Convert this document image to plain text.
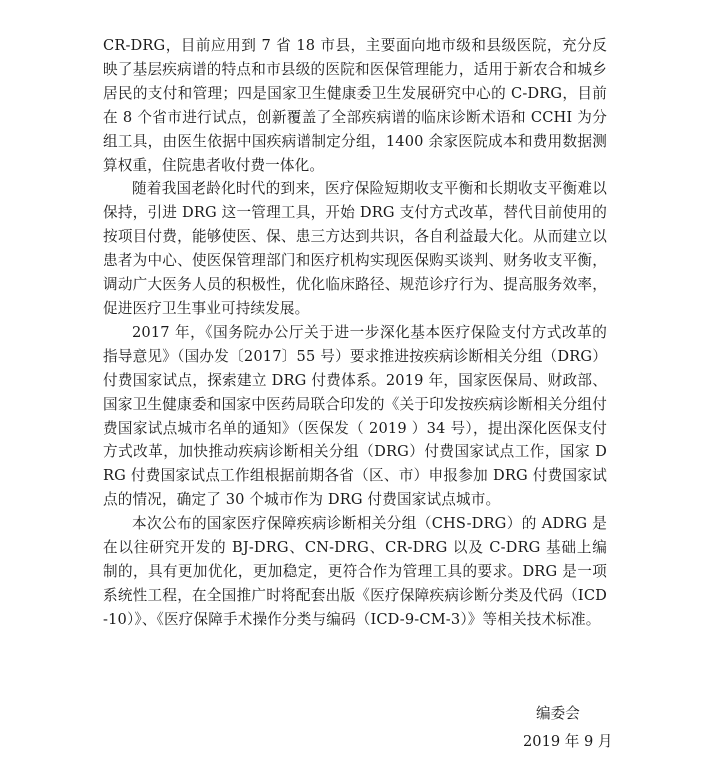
CR-DRG，目前应用到 7 省 18 市县，主要面向地市级和县级医院，充分反映了基层疾病谱的特点和市县级的医院和医保管理能力，适用于新农合和城乡居民的支付和管理；四是国家卫生健康委卫生发展研究中心的 C-DRG，目前在 8 个省市进行试点，创新覆盖了全部疾病谱的临床诊断术语和 CCHI 为分组工具，由医生依据中国疾病谱制定分组，1400 余家医院成本和费用数据测算权重，住院患者收付费一体化。

随着我国老龄化时代的到来，医疗保险短期收支平衡和长期收支平衡难以保持，引进 DRG 这一管理工具，开始 DRG 支付方式改革，替代目前使用的按项目付费，能够使医、保、患三方达到共识，各自利益最大化。从而建立以患者为中心、使医保管理部门和医疗机构实现医保购买谈判、财务收支平衡，调动广大医务人员的积极性，优化临床路径、规范诊疗行为、提高服务效率，促进医疗卫生事业可持续发展。

2017 年，《国务院办公厅关于进一步深化基本医疗保险支付方式改革的指导意见》（国办发〔2017〕55 号）要求推进按疾病诊断相关分组（DRG）付费国家试点，探索建立 DRG 付费体系。2019 年，国家医保局、财政部、国家卫生健康委和国家中医药局联合印发的《关于印发按疾病诊断相关分组付费国家试点城市名单的通知》（医保发（ 2019 ）34 号），提出深化医保支付方式改革，加快推动疾病诊断相关分组（DRG）付费国家试点工作，国家 DRG 付费国家试点工作组根据前期各省（区、市）申报参加 DRG 付费国家试点的情况，确定了 30 个城市作为 DRG 付费国家试点城市。

本次公布的国家医疗保障疾病诊断相关分组（CHS-DRG）的 ADRG 是在以往研究开发的 BJ-DRG、CN-DRG、CR-DRG 以及 C-DRG 基础上编制的，具有更加优化，更加稳定，更符合作为管理工具的要求。DRG 是一项系统性工程，在全国推广时将配套出版《医疗保障疾病诊断分类及代码（ICD-10）》、《医疗保障手术操作分类与编码（ICD-9-CM-3）》等相关技术标准。

编委会
2019 年 9 月
